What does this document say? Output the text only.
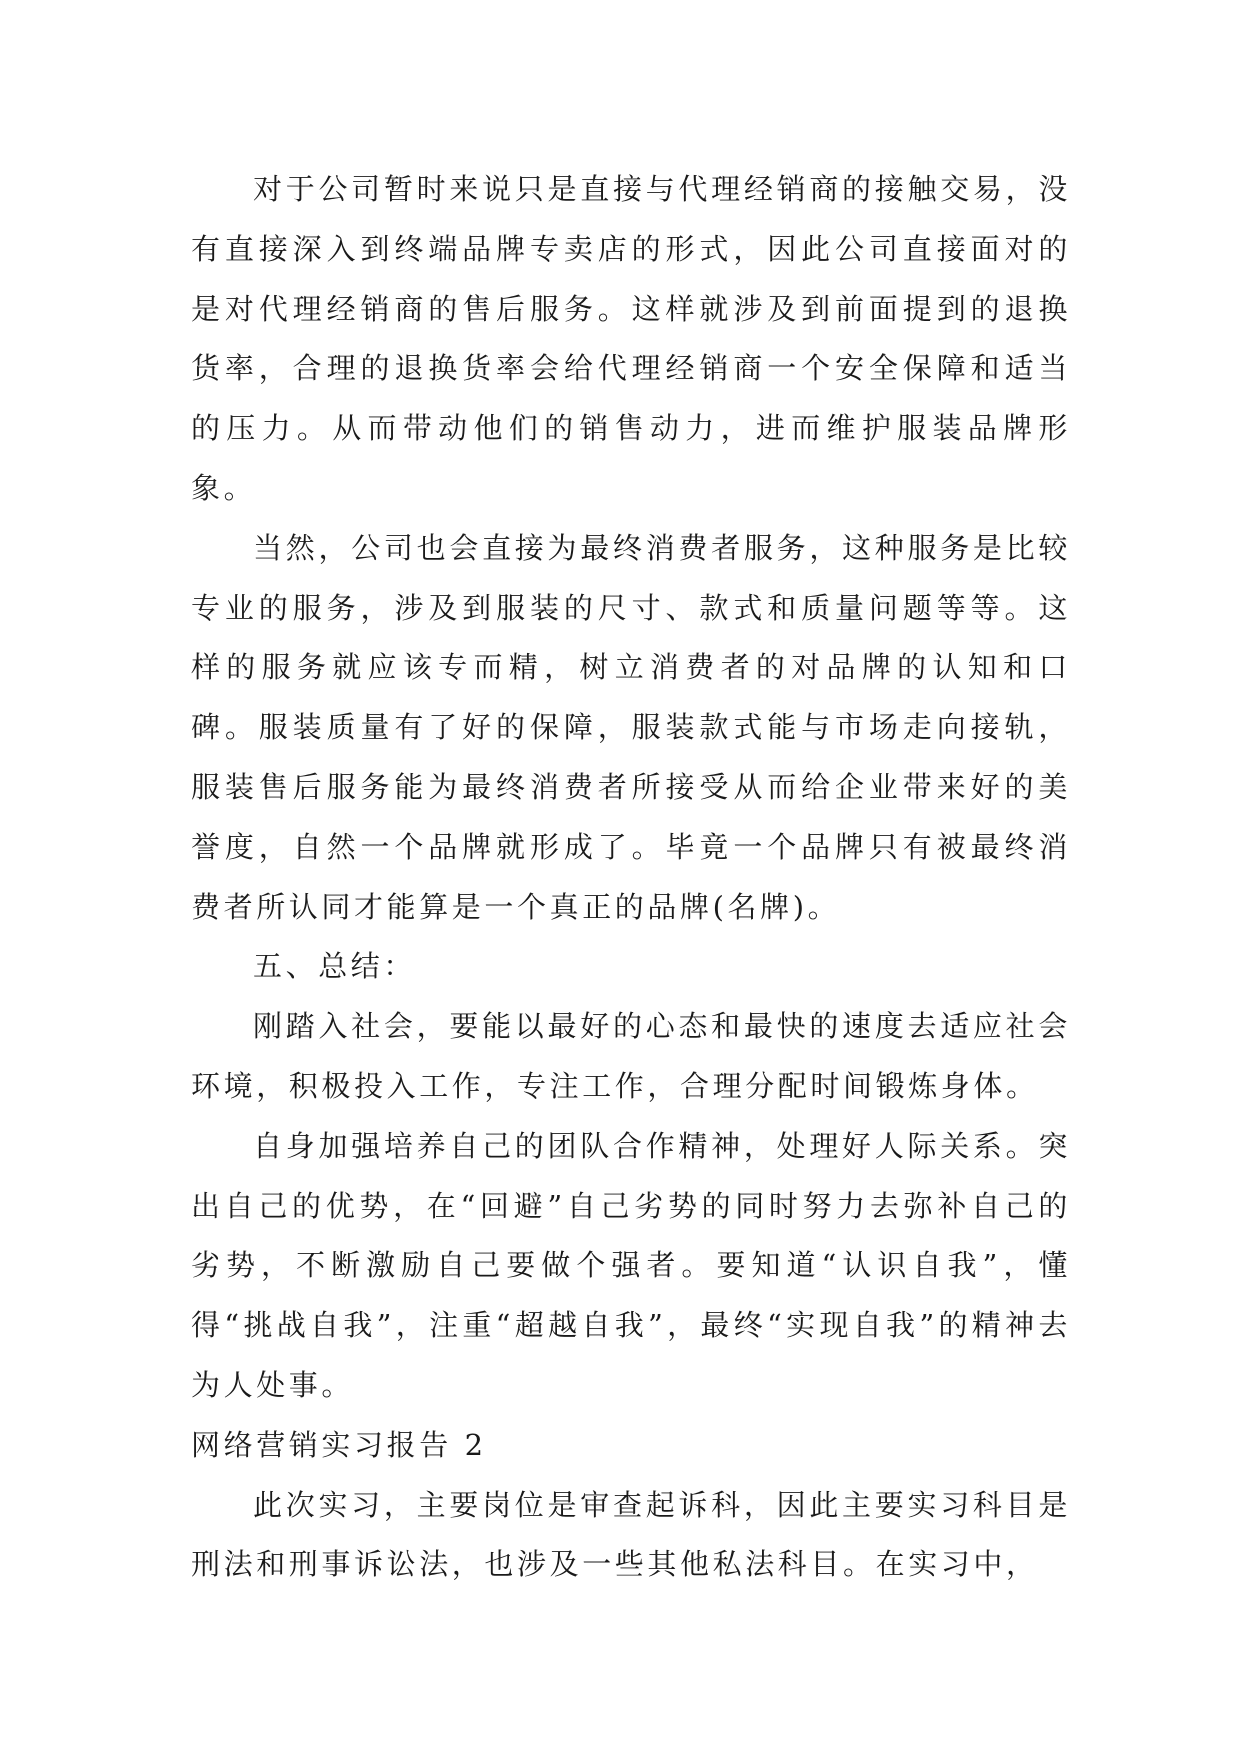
对于公司暂时来说只是直接与代理经销商的接触交易，没有直接深入到终端品牌专卖店的形式，因此公司直接面对的是对代理经销商的售后服务。这样就涉及到前面提到的退换货率，合理的退换货率会给代理经销商一个安全保障和适当的压力。从而带动他们的销售动力，进而维护服装品牌形象。

当然，公司也会直接为最终消费者服务，这种服务是比较专业的服务，涉及到服装的尺寸、款式和质量问题等等。这样的服务就应该专而精，树立消费者的对品牌的认知和口碑。服装质量有了好的保障，服装款式能与市场走向接轨，服装售后服务能为最终消费者所接受从而给企业带来好的美誉度，自然一个品牌就形成了。毕竟一个品牌只有被最终消费者所认同才能算是一个真正的品牌(名牌)。

五、总结：

刚踏入社会，要能以最好的心态和最快的速度去适应社会环境，积极投入工作，专注工作，合理分配时间锻炼身体。

自身加强培养自己的团队合作精神，处理好人际关系。突出自己的优势，在“回避”自己劣势的同时努力去弥补自己的劣势，不断激励自己要做个强者。要知道“认识自我”，懂得“挑战自我”，注重“超越自我”，最终“实现自我”的精神去为人处事。

网络营销实习报告 2

此次实习，主要岗位是审查起诉科，因此主要实习科目是刑法和刑事诉讼法，也涉及一些其他私法科目。在实习中，
